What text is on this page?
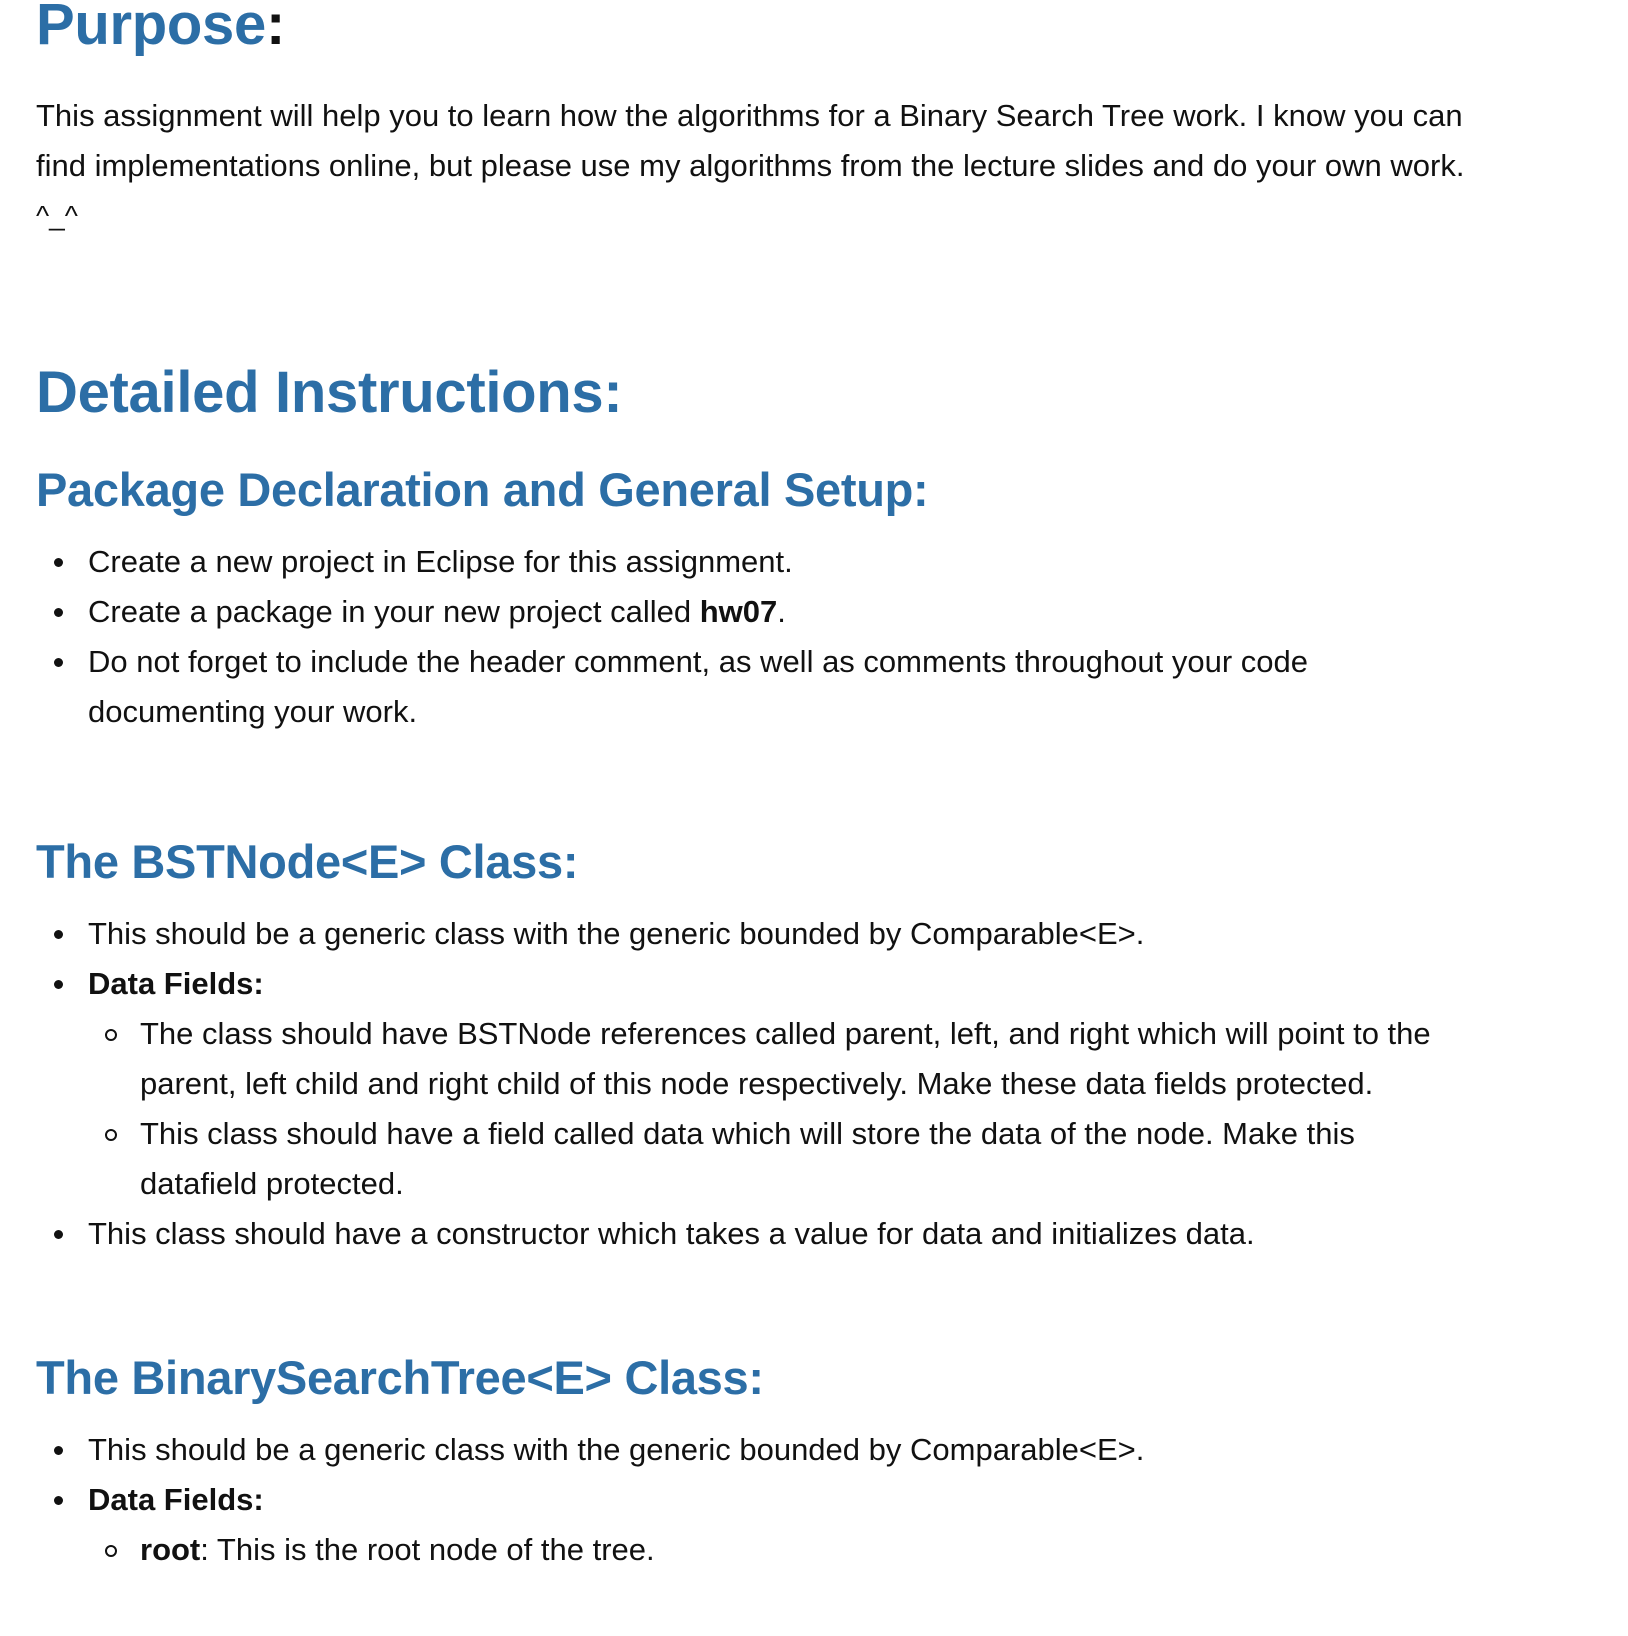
Purpose:
This assignment will help you to learn how the algorithms for a Binary Search Tree work. I know you can
find implementations online, but please use my algorithms from the lecture slides and do your own work.
^_^
Detailed Instructions:
Package Declaration and General Setup:
Create a new project in Eclipse for this assignment.
Create a package in your new project called hw07.
Do not forget to include the header comment, as well as comments throughout your code
documenting your work.
The BSTNode<E> Class:
This should be a generic class with the generic bounded by Comparable<E>.
Data Fields:
The class should have BSTNode references called parent, left, and right which will point to the
parent, left child and right child of this node respectively. Make these data fields protected.
This class should have a field called data which will store the data of the node. Make this
datafield protected.
This class should have a constructor which takes a value for data and initializes data.
The BinarySearchTree<E> Class:
This should be a generic class with the generic bounded by Comparable<E>.
Data Fields:
root: This is the root node of the tree.
